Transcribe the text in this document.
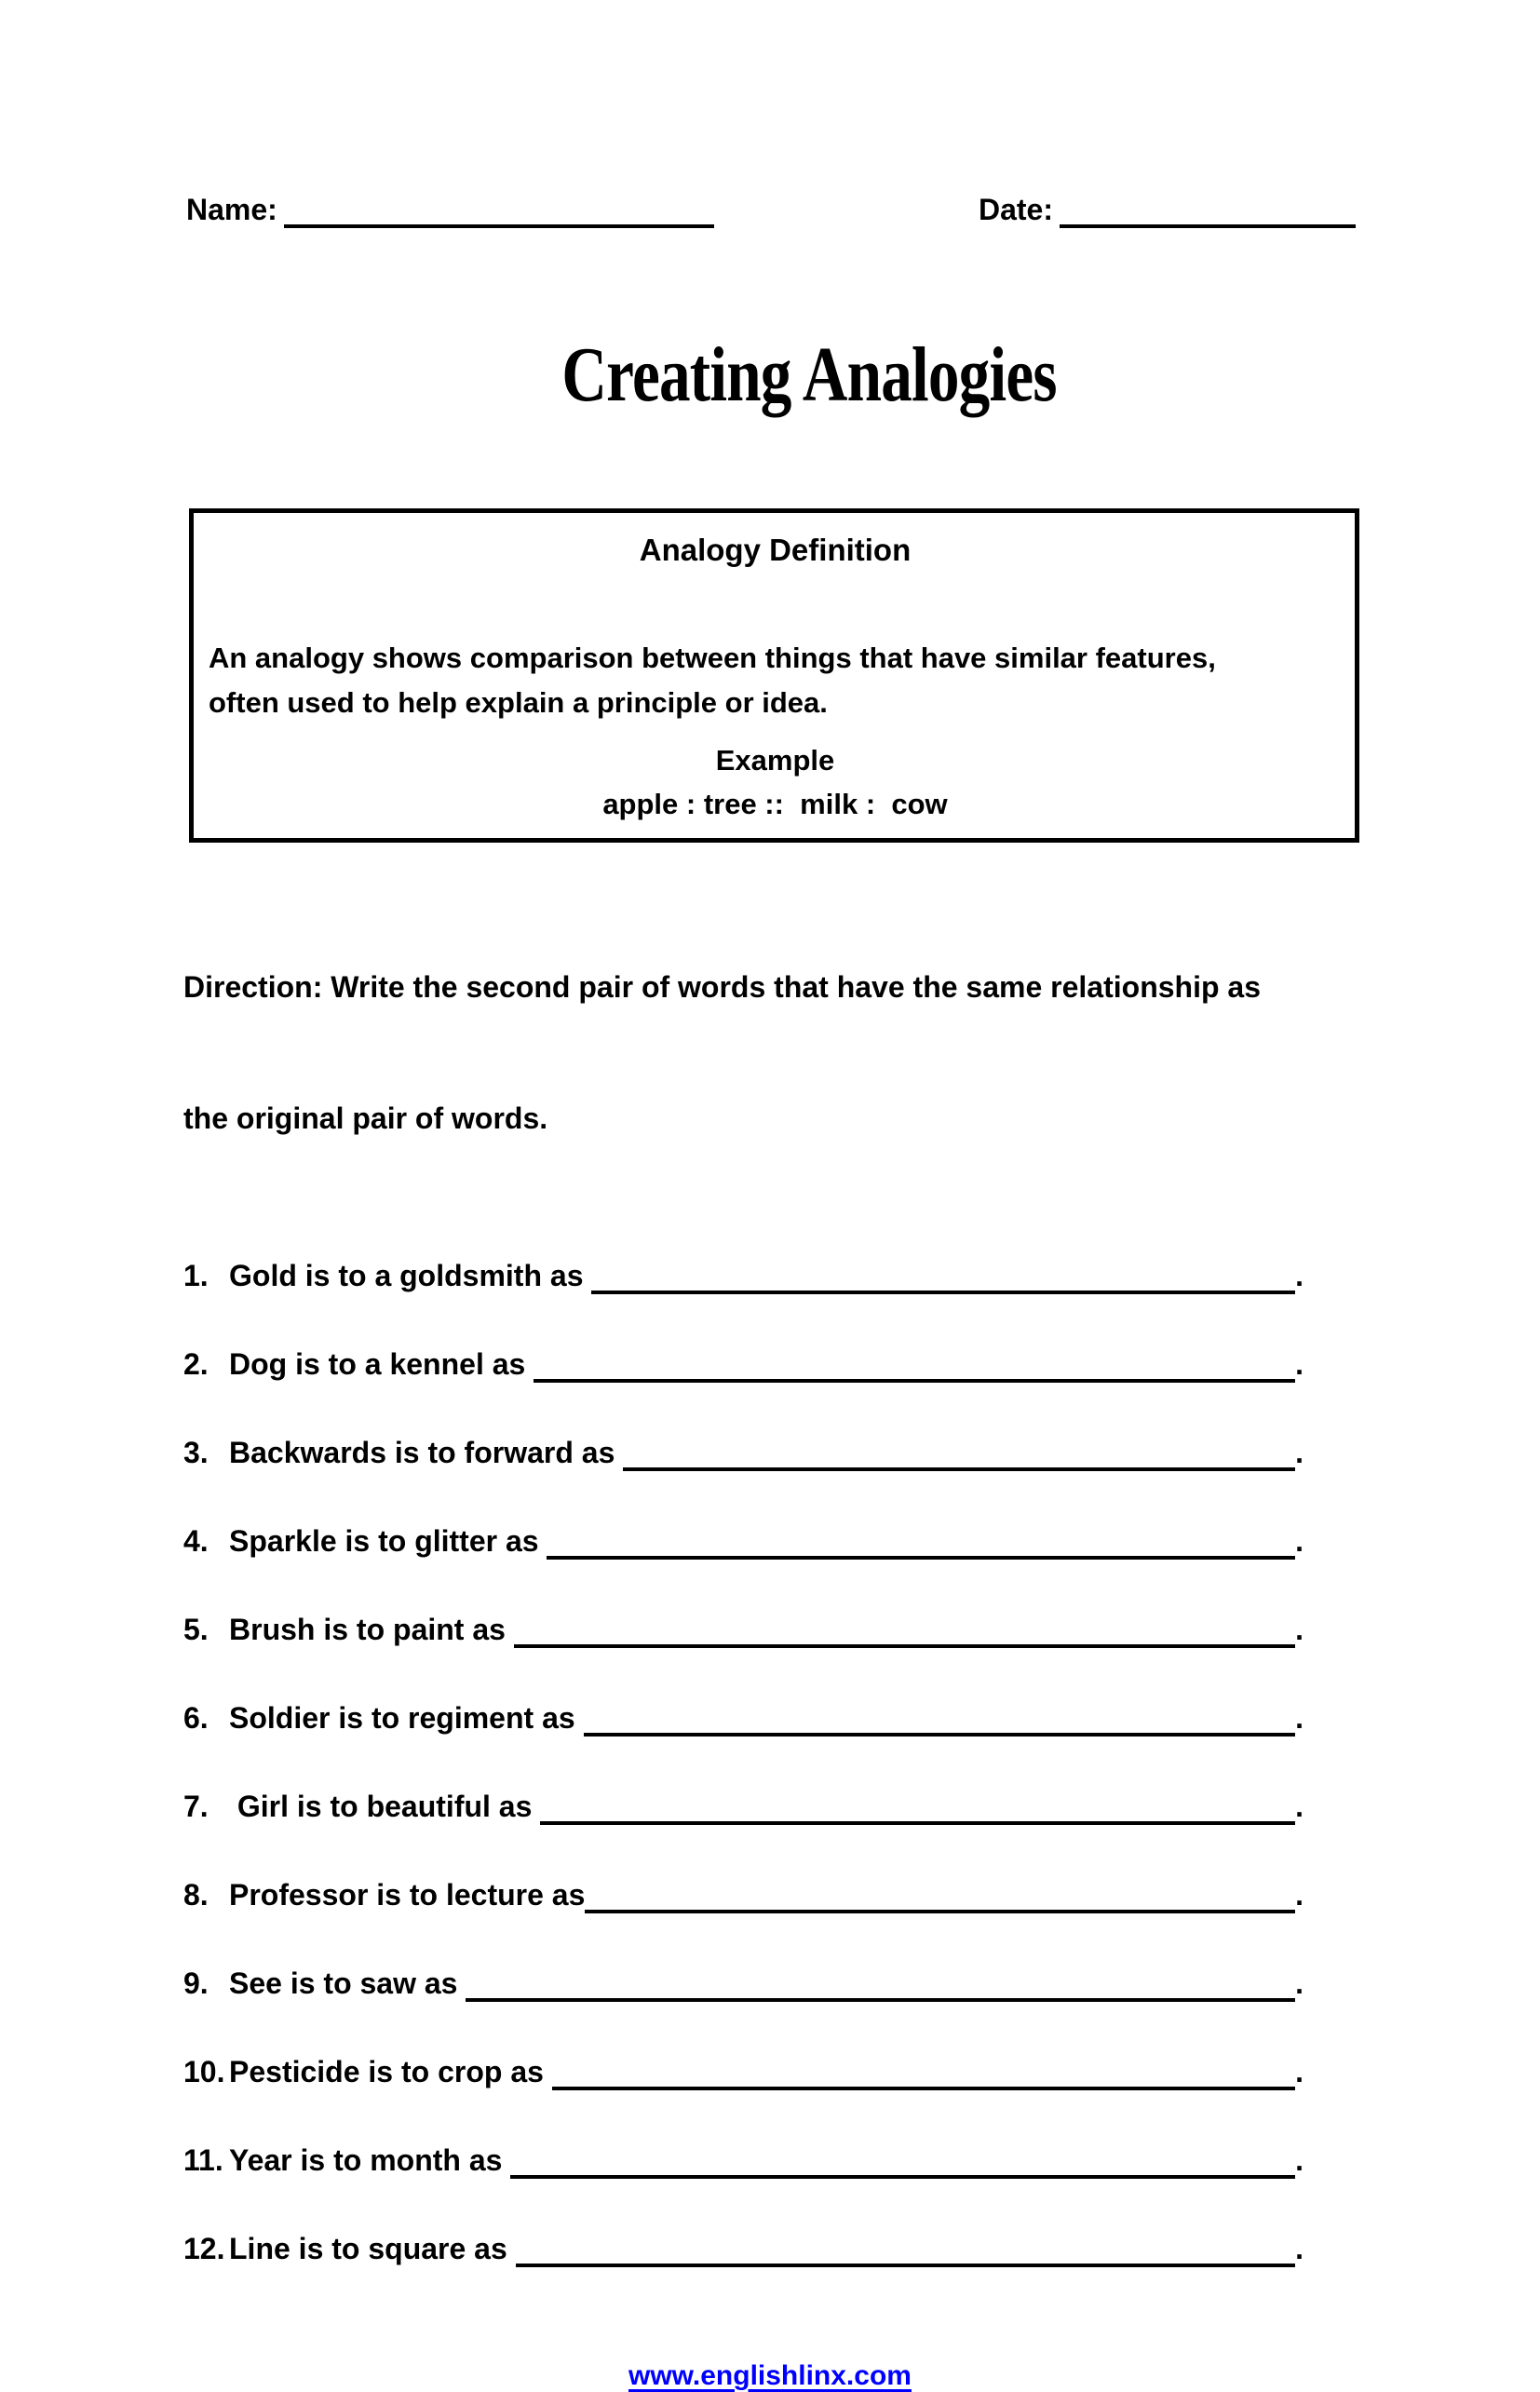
Name:	Date:

Creating Analogies

Analogy Definition
An analogy shows comparison between things that have similar features,
often used to help explain a principle or idea.
Example
apple : tree ::  milk :  cow

Direction: Write the second pair of words that have the same relationship as

the original pair of words.

1. Gold is to a goldsmith as	.
2. Dog is to a kennel as	.
3. Backwards is to forward as	.
4. Sparkle is to glitter as	.
5. Brush is to paint as	.
6. Soldier is to regiment as	.
7. Girl is to beautiful as	.
8. Professor is to lecture as	.
9. See is to saw as	.
10. Pesticide is to crop as	.
11. Year is to month as	.
12. Line is to square as	.
www.englishlinx.com
